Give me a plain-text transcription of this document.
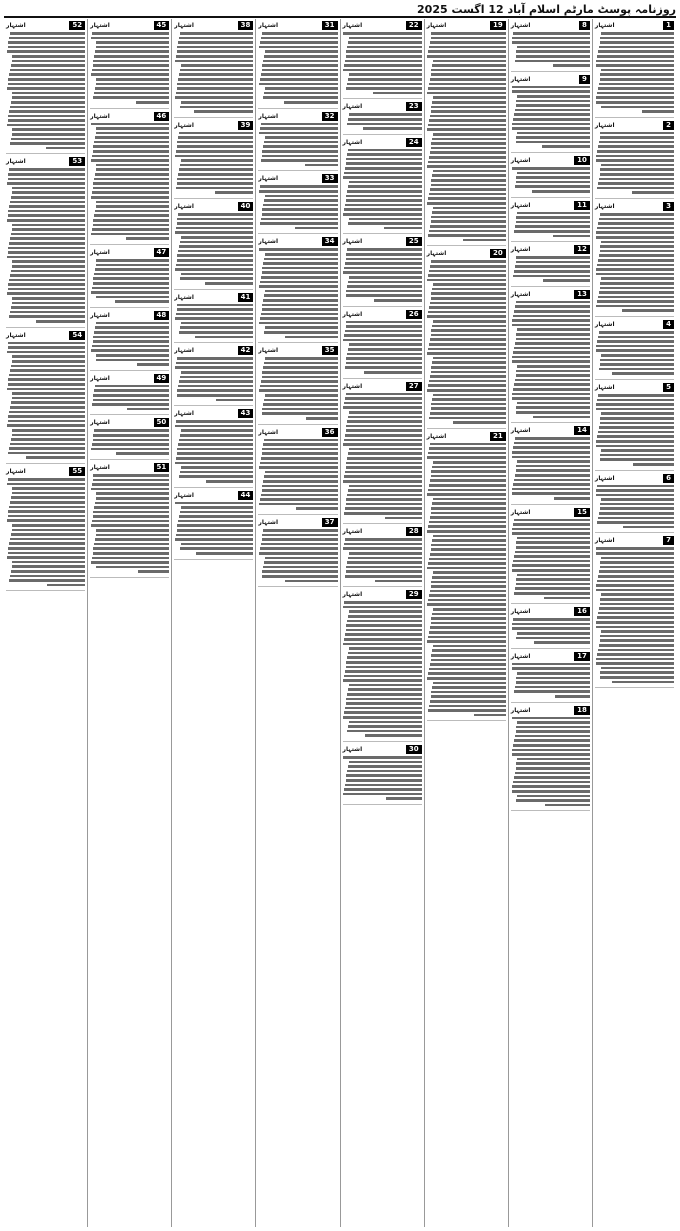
روزنامہ پوسٹ مارٹم اسلام آباد 12 اگست 2025
1
اشتہار
2
اشتہار
3
اشتہار
4
اشتہار
5
اشتہار
6
اشتہار
7
اشتہار
8
اشتہار
9
اشتہار
10
اشتہار
11
اشتہار
12
اشتہار
13
اشتہار
14
اشتہار
15
اشتہار
16
اشتہار
17
اشتہار
18
اشتہار
19
اشتہار
20
اشتہار
21
اشتہار
22
اشتہار
23
اشتہار
24
اشتہار
25
اشتہار
26
اشتہار
27
اشتہار
28
اشتہار
29
اشتہار
30
اشتہار
31
اشتہار
32
اشتہار
33
اشتہار
34
اشتہار
35
اشتہار
36
اشتہار
37
اشتہار
38
اشتہار
39
اشتہار
40
اشتہار
41
اشتہار
42
اشتہار
43
اشتہار
44
اشتہار
45
اشتہار
46
اشتہار
47
اشتہار
48
اشتہار
49
اشتہار
50
اشتہار
51
اشتہار
52
اشتہار
53
اشتہار
54
اشتہار
55
اشتہار
